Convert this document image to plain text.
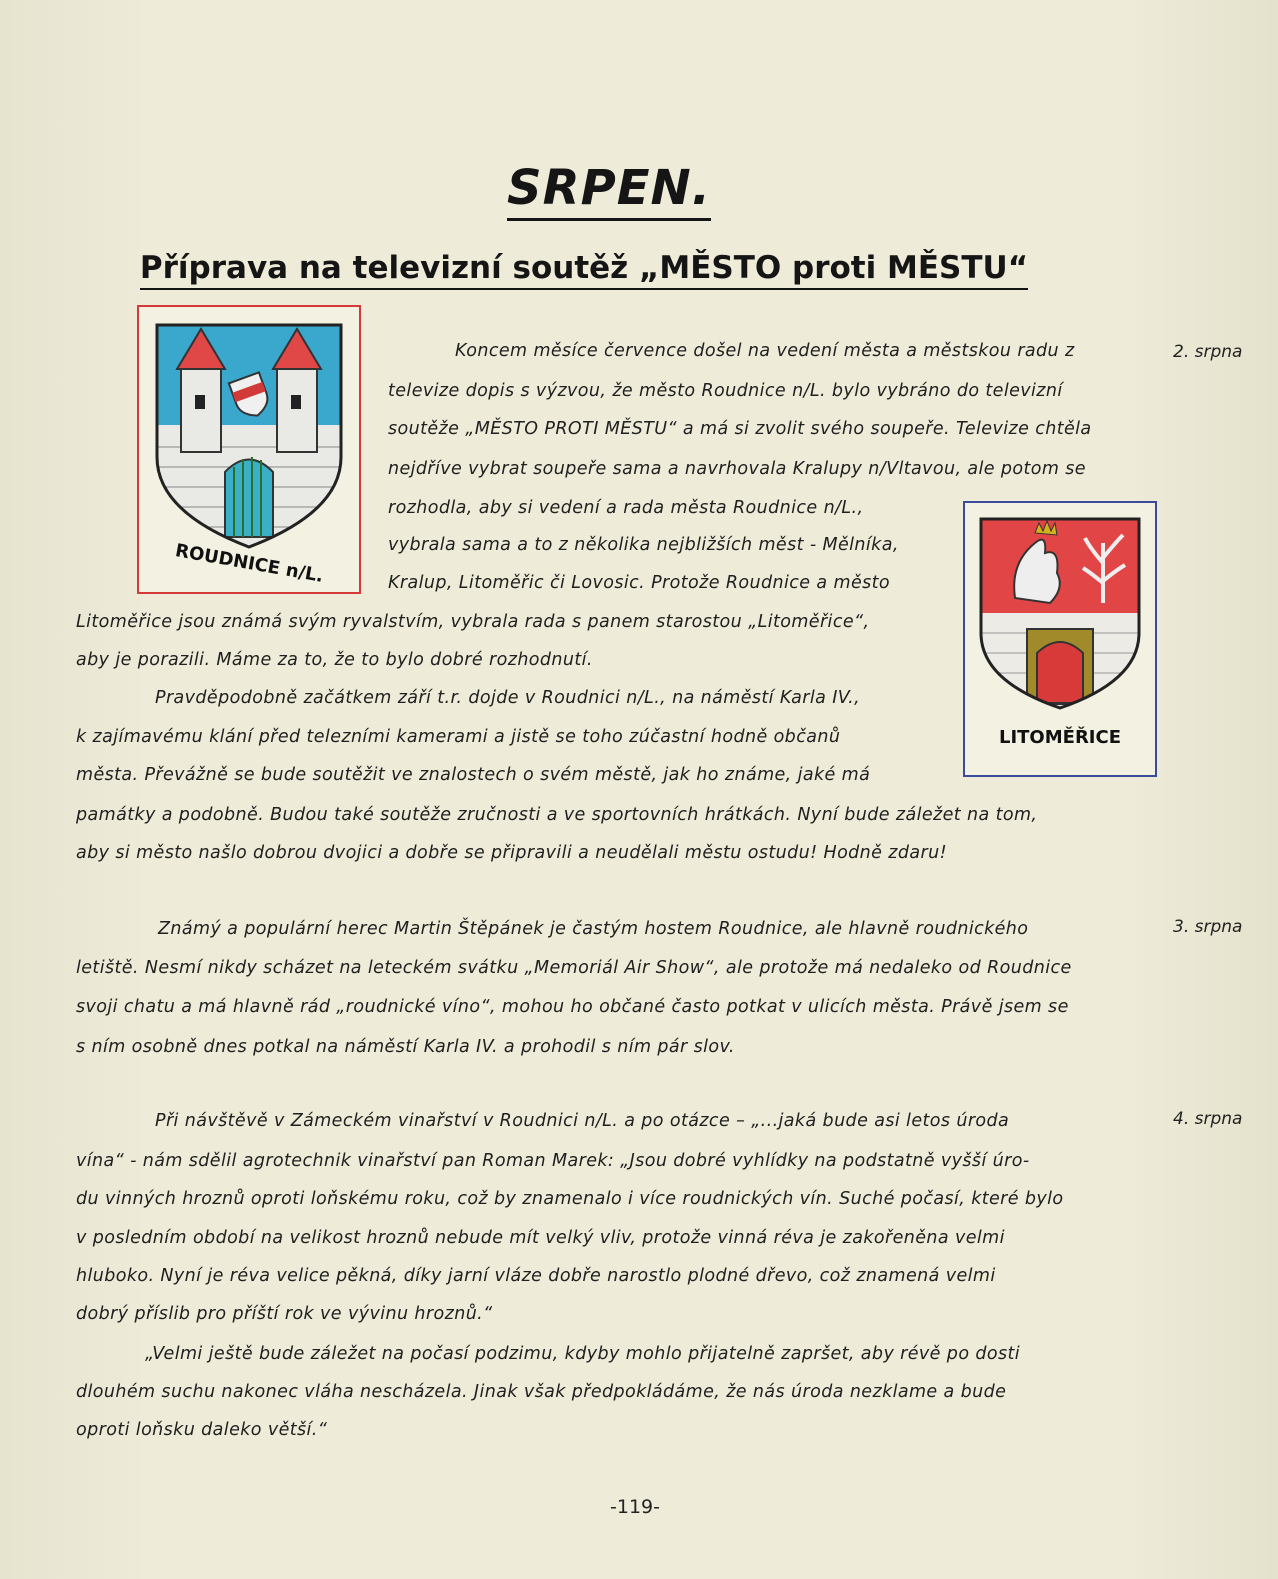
SRPEN.
Příprava na televizní soutěž „MĚSTO proti MĚSTU“
ROUDNICE n/L.
LITOMĚŘICE
2. srpna
3. srpna
4. srpna
Koncem měsíce července došel na vedení města a městskou radu z
televize dopis s výzvou, že město Roudnice n/L. bylo vybráno do televizní
soutěže „MĚSTO PROTI MĚSTU“ a má si zvolit svého soupeře. Televize chtěla
nejdříve vybrat soupeře sama a navrhovala Kralupy n/Vltavou, ale potom se
rozhodla, aby si vedení a rada města Roudnice n/L.,
vybrala sama a to z několika nejbližších měst - Mělníka,
Kralup, Litoměřic či Lovosic. Protože Roudnice a město
Litoměřice jsou známá svým ryvalstvím, vybrala rada s panem starostou „Litoměřice“,
aby je porazili. Máme za to, že to bylo dobré rozhodnutí.
Pravděpodobně začátkem září t.r. dojde v Roudnici n/L., na náměstí Karla IV.,
k zajímavému klání před telezními kamerami a jistě se toho zúčastní hodně občanů
města. Převážně se bude soutěžit ve znalostech o svém městě, jak ho známe, jaké má
památky a podobně. Budou také soutěže zručnosti a ve sportovních hrátkách. Nyní bude záležet na tom,
aby si město našlo dobrou dvojici a dobře se připravili a neudělali městu ostudu! Hodně zdaru!
Známý a populární herec Martin Štěpánek je častým hostem Roudnice, ale hlavně roudnického
letiště. Nesmí nikdy scházet na leteckém svátku „Memoriál Air Show“, ale protože má nedaleko od Roudnice
svoji chatu a má hlavně rád „roudnické víno“, mohou ho občané často potkat v ulicích města. Právě jsem se
s ním osobně dnes potkal na náměstí Karla IV. a prohodil s ním pár slov.
Při návštěvě v Zámeckém vinařství v Roudnici n/L. a po otázce – „...jaká bude asi letos úroda
vína“ - nám sdělil agrotechnik vinařství pan Roman Marek: „Jsou dobré vyhlídky na podstatně vyšší úro-
du vinných hroznů oproti loňskému roku, což by znamenalo i více roudnických vín. Suché počasí, které bylo
v posledním období na velikost hroznů nebude mít velký vliv, protože vinná réva je zakořeněna velmi
hluboko. Nyní je réva velice pěkná, díky jarní vláze dobře narostlo plodné dřevo, což znamená velmi
dobrý příslib pro příští rok ve vývinu hroznů.“
„Velmi ještě bude záležet na počasí podzimu, kdyby mohlo přijatelně zapršet, aby révě po dosti
dlouhém suchu nakonec vláha nescházela. Jinak však předpokládáme, že nás úroda nezklame a bude
oproti loňsku daleko větší.“
-119-
